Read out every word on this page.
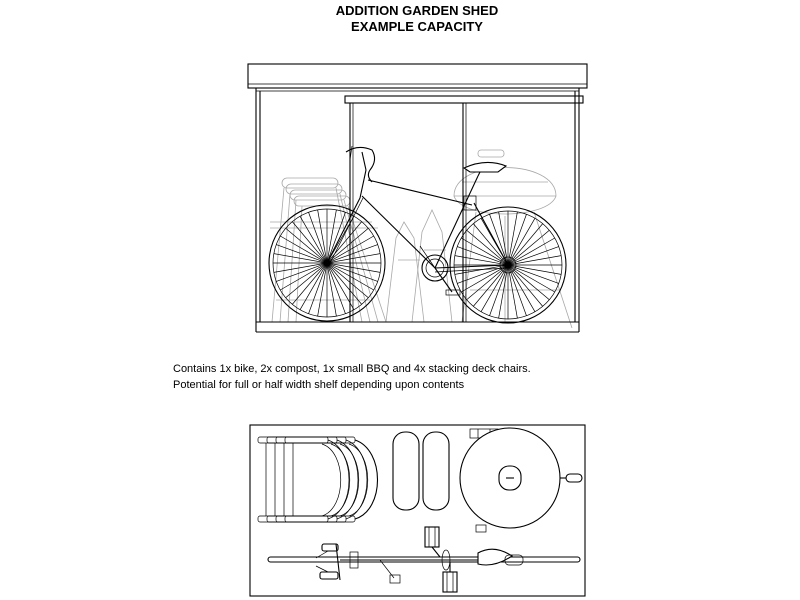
ADDITION GARDEN SHED
EXAMPLE CAPACITY
Contains 1x bike, 2x compost, 1x small BBQ and 4x stacking deck chairs.
Potential for full or half width shelf depending upon contents
